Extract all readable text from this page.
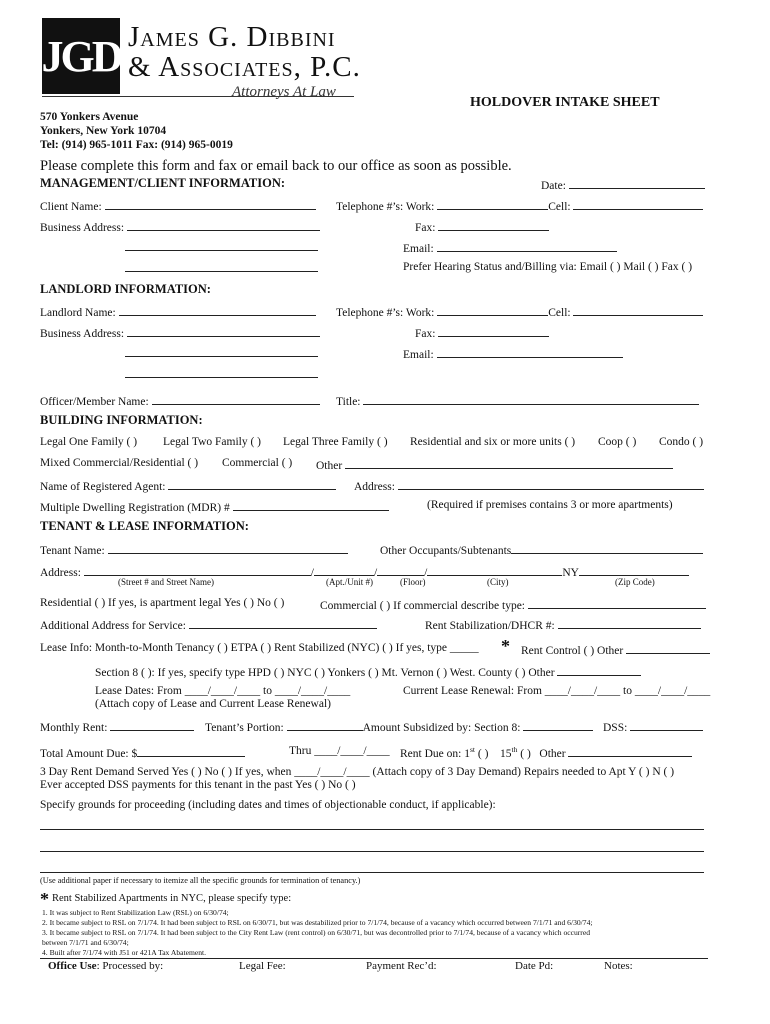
JGD James G. Dibbini
& Associates, P.C.
Attorneys At Law
570 Yonkers Avenue
Yonkers, New York 10704
Tel: (914) 965-1011 Fax: (914) 965-0019
HOLDOVER INTAKE SHEET
Please complete this form and fax or email back to our office as soon as possible.
MANAGEMENT/CLIENT INFORMATION:	Date:
Client Name:	Telephone #’s: Work:	Cell:
Business Address:	Fax:
Email:
Prefer Hearing Status and/Billing via: Email ( ) Mail ( ) Fax ( )
LANDLORD INFORMATION:
Landlord Name:	Telephone #’s: Work:	Cell:
Business Address:	Fax:
Email:
Officer/Member Name:	Title:
BUILDING INFORMATION:
Legal One Family ( ) Legal Two Family ( ) Legal Three Family ( ) Residential and six or more units ( ) Coop ( ) Condo ( )
Mixed Commercial/Residential ( ) Commercial ( ) Other
Name of Registered Agent:	Address:
Multiple Dwelling Registration (MDR) #	(Required if premises contains 3 or more apartments)
TENANT & LEASE INFORMATION:
Tenant Name:	Other Occupants/Subtenants
Address:	/	/	/	NY
(Street # and Street Name)	(Apt./Unit #)	(Floor)	(City)	(Zip Code)
Residential ( ) If yes, is apartment legal Yes ( ) No ( )	Commercial ( ) If commercial describe type:
Additional Address for Service:	Rent Stabilization/DHCR #:
Lease Info: Month-to-Month Tenancy ( ) ETPA ( ) Rent Stabilized (NYC) ( ) If yes, type _____ * Rent Control ( ) Other
Section 8 ( ): If yes, specify type HPD ( ) NYC ( ) Yonkers ( ) Mt. Vernon ( ) West. County ( ) Other
Lease Dates: From ____/____/____ to ____/____/____	Current Lease Renewal: From ____/____/____ to ____/____/____
(Attach copy of Lease and Current Lease Renewal)
Monthly Rent:	Tenant’s Portion:	Amount Subsidized by: Section 8:	DSS:
Total Amount Due: $	Thru ____/____/____ Rent Due on: 1st ( )    15th ( )   Other
3 Day Rent Demand Served Yes ( ) No ( ) If yes, when ____/____/____ (Attach copy of 3 Day Demand) Repairs needed to Apt Y ( ) N ( )
Ever accepted DSS payments for this tenant in the past Yes ( ) No ( )
Specify grounds for proceeding (including dates and times of objectionable conduct, if applicable):
(Use additional paper if necessary to itemize all the specific grounds for termination of tenancy.)
* Rent Stabilized Apartments in NYC, please specify type:
1. It was subject to Rent Stabilization Law (RSL) on 6/30/74;
2. It became subject to RSL on 7/1/74. It had been subject to RSL on 6/30/71, but was destabilized prior to 7/1/74, because of a vacancy which occurred between 7/1/71 and 6/30/74;
3. It became subject to RSL on 7/1/74. It had been subject to the City Rent Law (rent control) on 6/30/71, but was decontrolled prior to 7/1/74, because of a vacancy which occurred
between 7/1/71 and 6/30/74;
4. Built after 7/1/74 with J51 or 421A Tax Abatement.
Office Use: Processed by:	Legal Fee:	Payment Rec’d:	Date Pd:	Notes:
